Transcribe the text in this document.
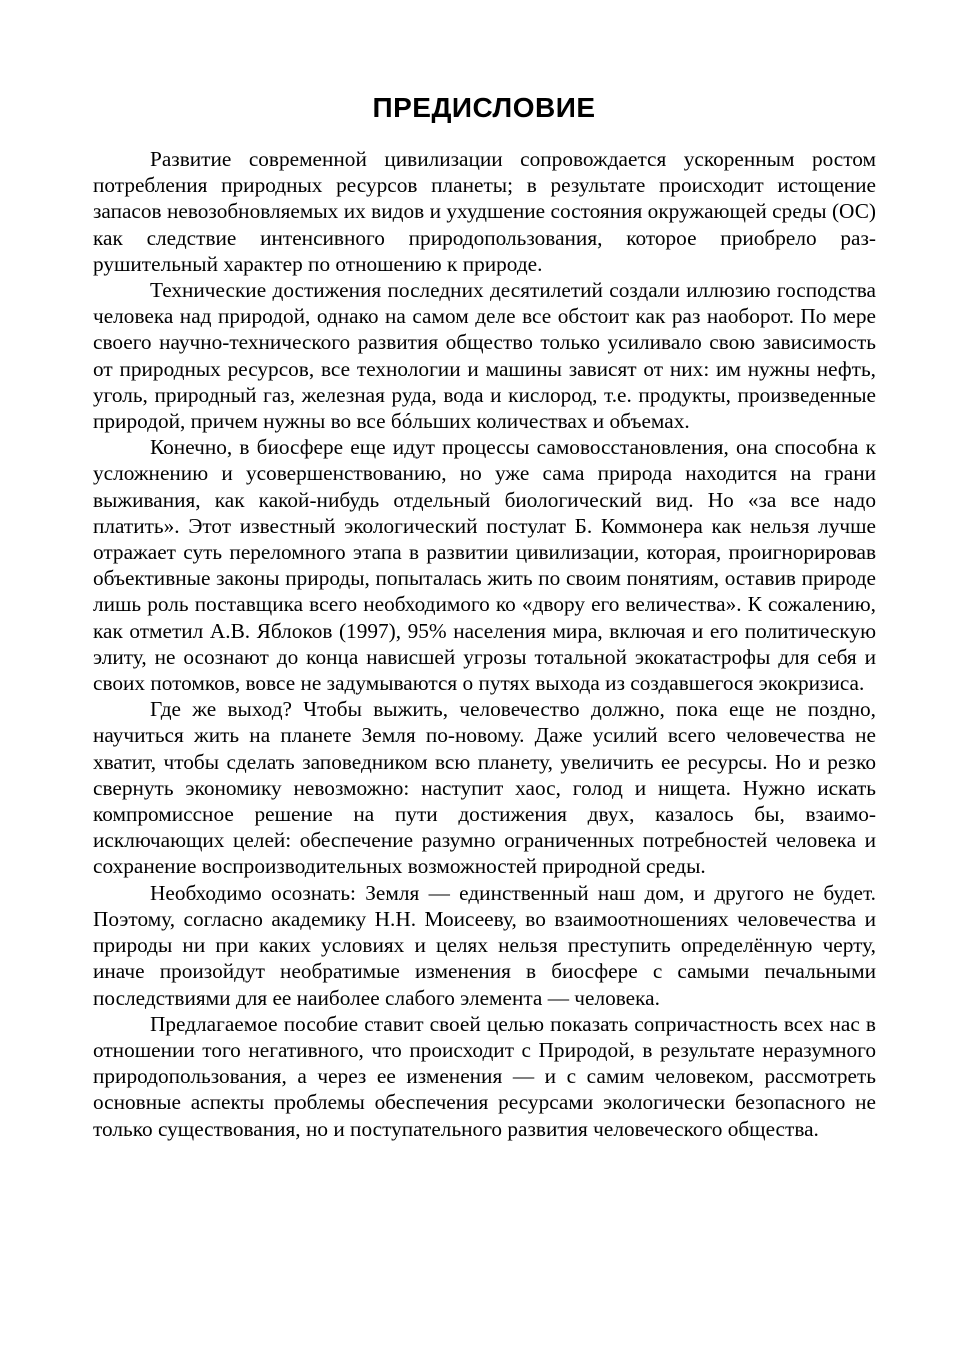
ПРЕДИСЛОВИЕ

Развитие современной цивилизации сопровождается ускоренным ростом потребления природных ресурсов планеты; в результате происходит истощение запасов невозобновляемых их видов и ухудшение состояния окружающей среды (ОС) как следствие интенсивного природопользования, которое приобрело разрушительный характер по отношению к природе.

Технические достижения последних десятилетий создали иллюзию господства человека над природой, однако на самом деле все обстоит как раз наоборот. По мере своего научно-технического развития общество только усиливало свою зависимость от природных ресурсов, все технологии и машины зависят от них: им нужны нефть, уголь, природный газ, железная руда, вода и кислород, т.е. продукты, произведенные природой, причем нужны во все бóльших количествах и объемах.

Конечно, в биосфере еще идут процессы самовосстановления, она способна к усложнению и усовершенствованию, но уже сама природа находится на грани выживания, как какой-нибудь отдельный биологический вид. Но «за все надо платить». Этот известный экологический постулат Б. Коммонера как нельзя лучше отражает суть переломного этапа в развитии цивилизации, которая, проигнорировав объективные законы природы, попыталась жить по своим понятиям, оставив природе лишь роль поставщика всего необходимого ко «двору его величества». К сожалению, как отметил А.В. Яблоков (1997), 95% населения мира, включая и его политическую элиту, не осознают до конца нависшей угрозы тотальной экокатастрофы для себя и своих потомков, вовсе не задумываются о путях выхода из создавшегося экокризиса.

Где же выход? Чтобы выжить, человечество должно, пока еще не поздно, научиться жить на планете Земля по-новому. Даже усилий всего человечества не хватит, чтобы сделать заповедником всю планету, увеличить ее ресурсы. Но и резко свернуть экономику невозможно: наступит хаос, голод и нищета. Нужно искать компромиссное решение на пути достижения двух, казалось бы, взаимоисключающих целей: обеспечение разумно ограниченных потребностей человека и сохранение воспроизводительных возможностей природной среды.

Необходимо осознать: Земля — единственный наш дом, и другого не будет. Поэтому, согласно академику Н.Н. Моисееву, во взаимоотношениях человечества и природы ни при каких условиях и целях нельзя преступить определённую черту, иначе произойдут необратимые изменения в биосфере с самыми печальными последствиями для ее наиболее слабого элемента — человека.

Предлагаемое пособие ставит своей целью показать сопричастность всех нас в отношении того негативного, что происходит с Природой, в результате неразумного природопользования, а через ее изменения — и с самим человеком, рассмотреть основные аспекты проблемы обеспечения ресурсами экологически безопасного не только существования, но и поступательного развития человеческого общества.
